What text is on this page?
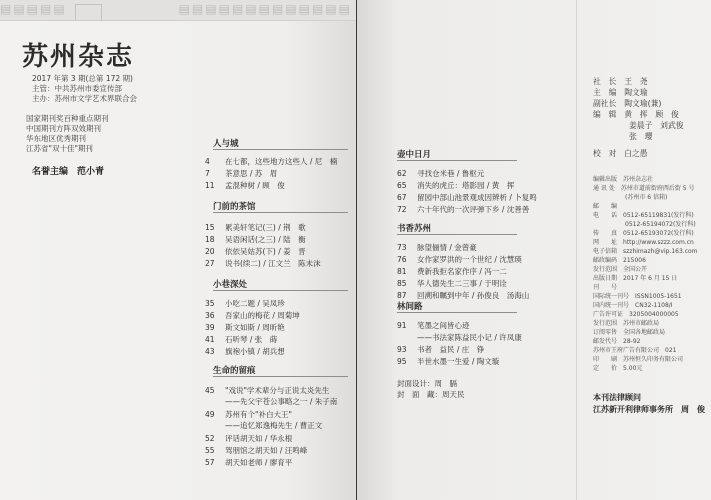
▤▤▤▤▤	▤▤▤▤▤▤▤▤▤▤▤▤▤
苏州杂志
2017 年第 3 期(总第 172 期)
主管：中共苏州市委宣传部
主办：苏州市文学艺术界联合会
国家期刊奖百种重点期刊
中国期刊方阵双效期刊
华东地区优秀期刊
江苏省"双十佳"期刊
名誉主编　范小青
人与城
4 在七都，这些地方这些人 / 尼　楠
7 茶意思 / 苏　眉
11 孟混种树 / 顾　俊
门前的茶馆
15 累美轩笔记(三) / 荆　歌
18 吴语闲话(之三) / 陆　衡
20 依依吴姑苏(下) / 姜　晋
27 说书(续二) / 江文兰　陈未沫
小巷深处
35 小吃二题 / 吴凤珍
36 吾家山的梅花 / 周菊坤
39 斯文如斯 / 周昕艳
41 石听琴 / 张　蒔
43 旗袍小镇 / 胡兵想
生命的留痕
45 "戏说"学术辈分与正说太炎先生
——先父宇苍公事略之一 / 朱子南
49 苏州有个"补白大王"
——追忆郑逸梅先生 / 曹正文
52 评话胡天如 / 华永根
55 驾朋馆之胡天如 / 汪鸣峰
57 胡天如老师 / 廖育平
壶中日月
62 寻找仓米巷 / 鲁枢元
65 消失的虎丘：塔影园 / 黄　挥
67 留园中部山池景观成因辨析 / 卜复鸣
72 六十年代的一次评弹下乡 / 沈善善
书香苏州
73 脉望俪情 / 金曾豪
76 女作家罗洪的一个世纪 / 沈慧瑛
81 费新我拒名家作序 / 冯一二
85 华人德先生二三事 / 于明诠
87 回溯和瞩到中年 / 孙俊良　汤海山
林间路
91 笔墨之间皆心迹
——书法家陈益民小记 / 许凤康
93 书者　益民 / 庄　铮
95 半世水墨一生爱 / 陶文璇
封面设计：周　膈
封　面　藏：周天民
社　长　 王　尧
主　编　 陶文瑜
副社长　 陶文瑜(兼)
编　辑　 黄　挥　顾　俊
姜晨子　刘武俊
张　瓔
校　对　 白之愚
编辑出版　 苏州杂志社
通 讯 处　 苏州市道前街府西后街 5 号
(苏州市 6 信箱)
邮　　编
电　　话　 0512-65119831(发行科)
0512-65194072(发行科)
传　　真　 0512-65193072(发行科)
网　　址　 http://www.szzz.com.cn
电子信箱　 szzhimazh@vip.163.com
邮政编码　 215006
发行范围　 全国公开
出版日期　 2017 年 6 月 15 日
刊　　号
国际统一刊号　 ISSN1005-1651
国内统一刊号　 CN32-1108/I
广告许可证　 3205004000005
发行范围　 苏州市邮政局
订阅零售　 全国各地邮政局
邮发代号　 28-92
苏州市王府广告有限公司　 021
印　　刷　 苏州恒久印务有限公司
定　　价　 5.00元
本刊法律顾问
江苏新开利律师事务所　周　俊
